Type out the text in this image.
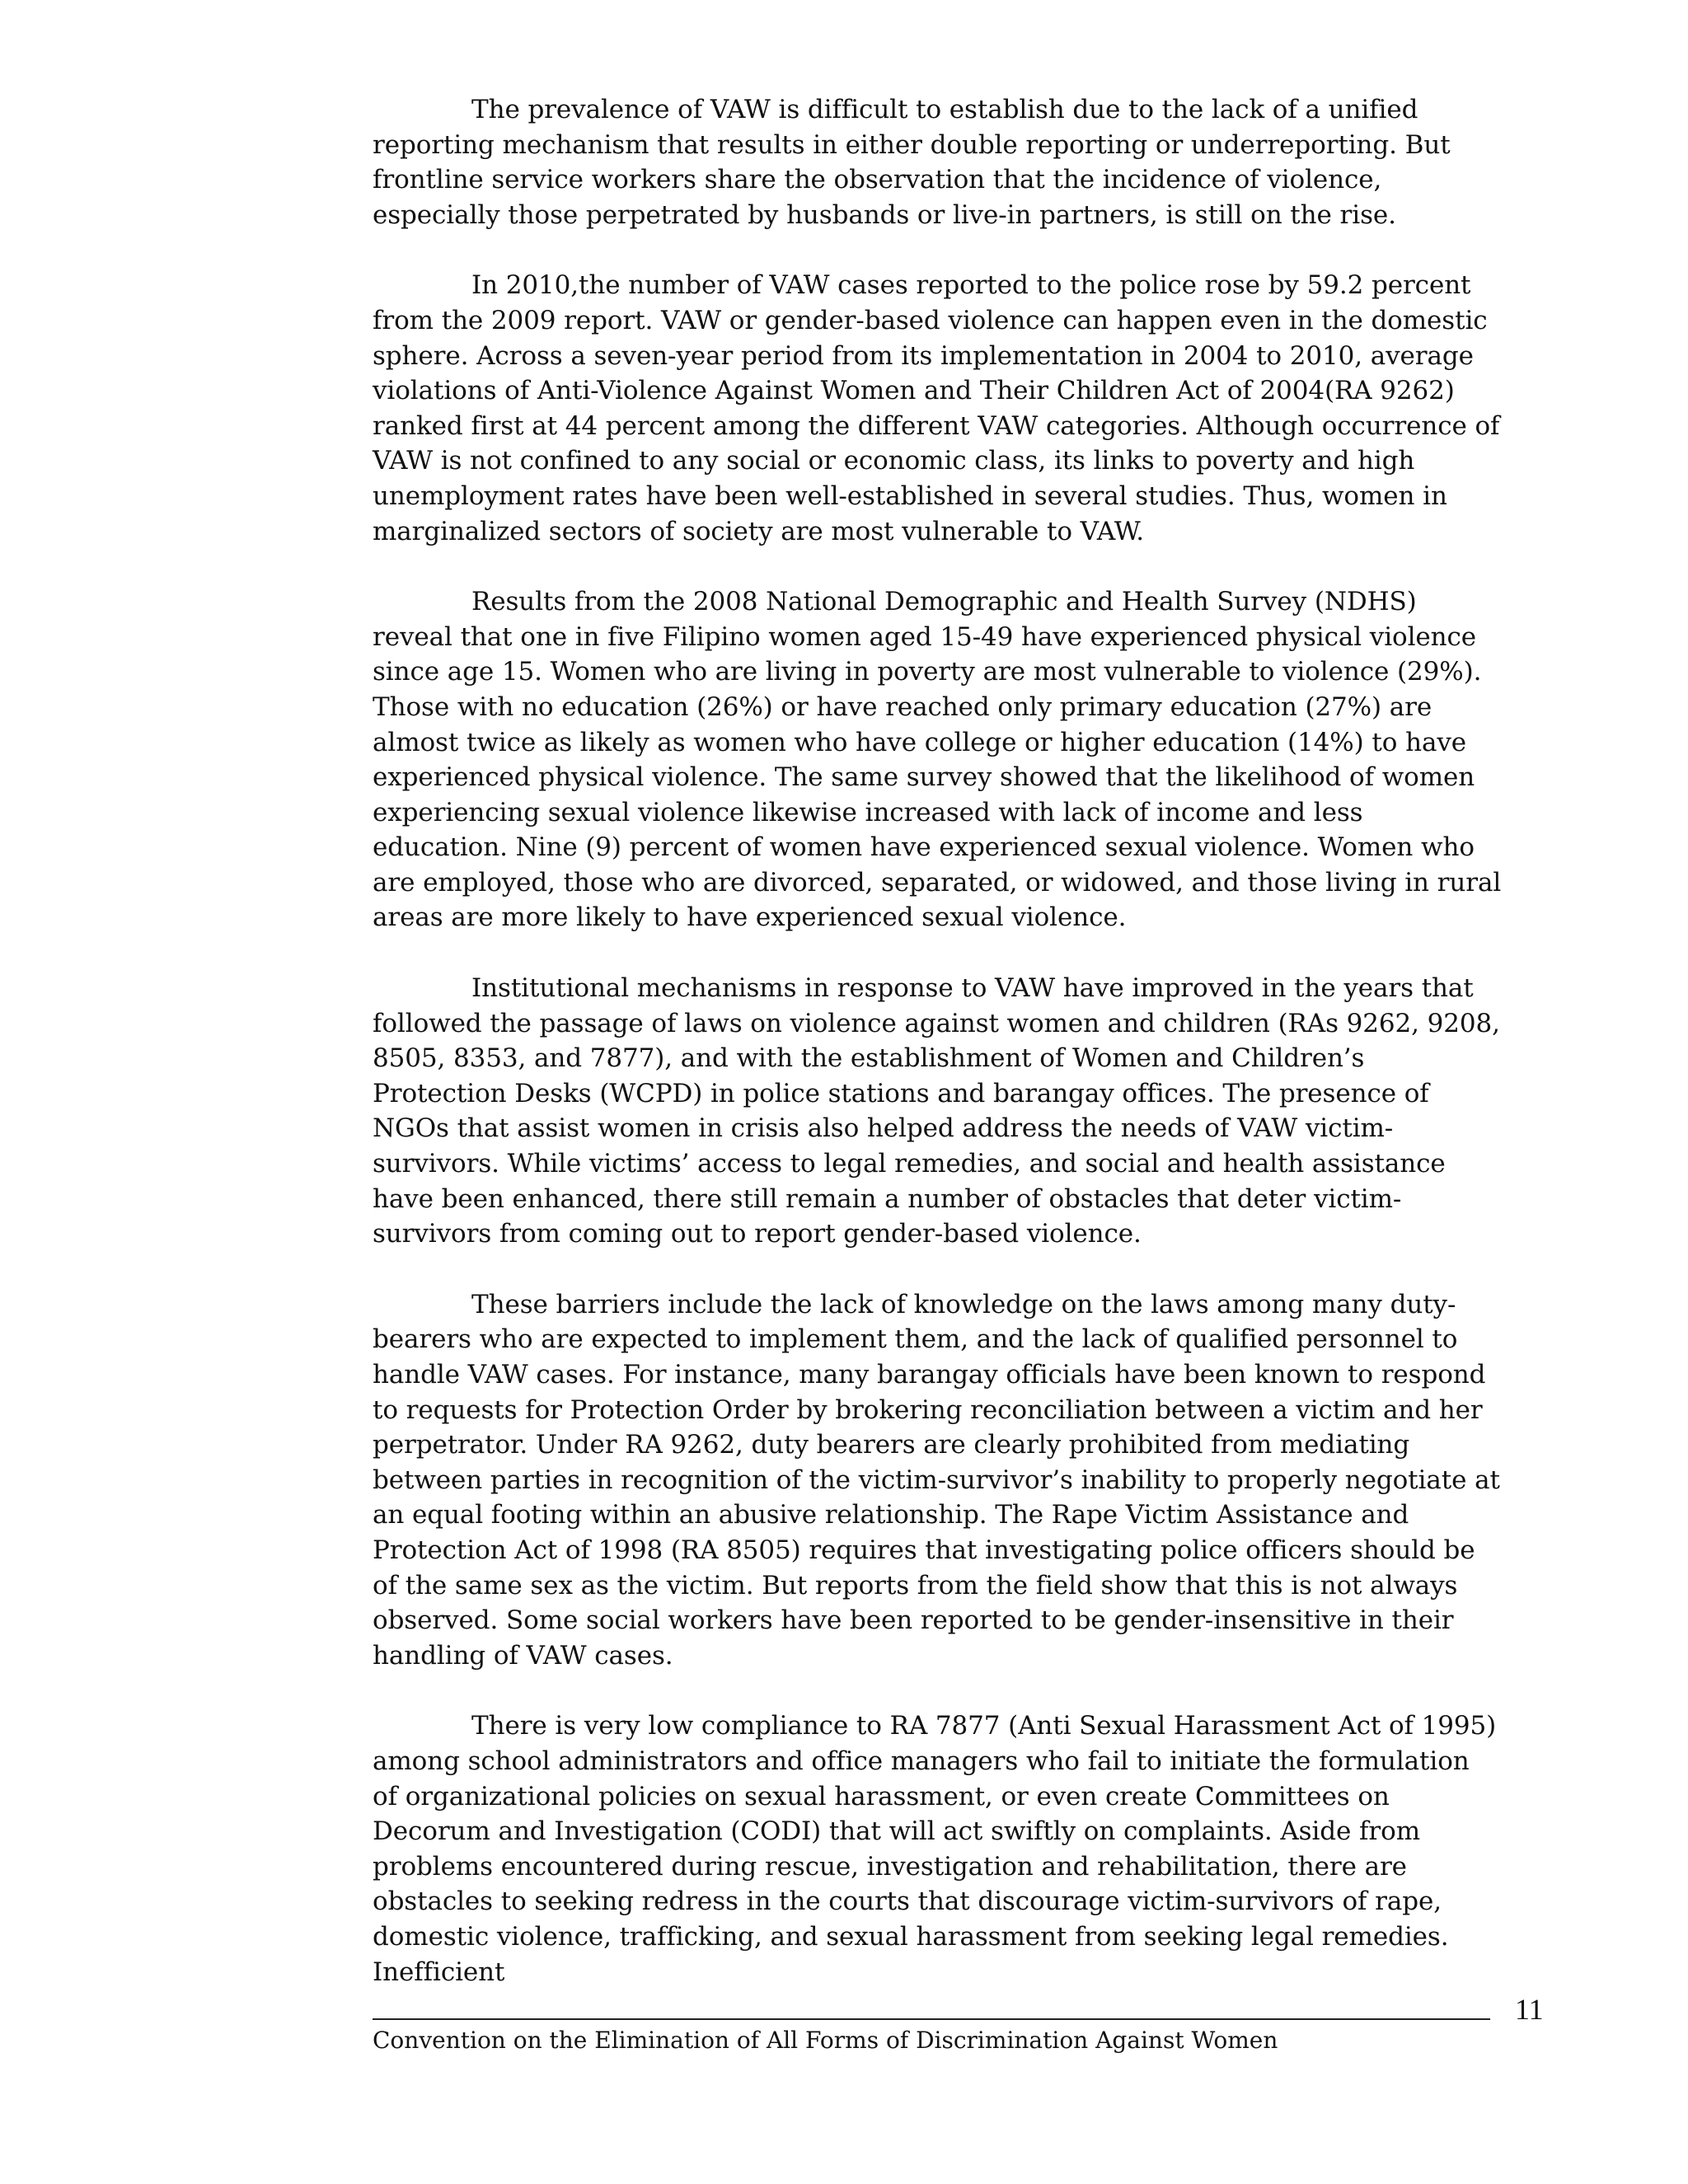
The prevalence of VAW is difficult to establish due to the lack of a unified reporting mechanism that results in either double reporting or underreporting. But frontline service workers share the observation that the incidence of violence, especially those perpetrated by husbands or live-in partners, is still on the rise.

In 2010,the number of VAW cases reported to the police rose by 59.2 percent from the 2009 report. VAW or gender-based violence can happen even in the domestic sphere. Across a seven-year period from its implementation in 2004 to 2010, average violations of Anti-Violence Against Women and Their Children Act of 2004(RA 9262) ranked first at 44 percent among the different VAW categories. Although occurrence of VAW is not confined to any social or economic class, its links to poverty and high unemployment rates have been well-established in several studies. Thus, women in marginalized sectors of society are most vulnerable to VAW.

Results from the 2008 National Demographic and Health Survey (NDHS) reveal that one in five Filipino women aged 15-49 have experienced physical violence since age 15. Women who are living in poverty are most vulnerable to violence (29%). Those with no education (26%) or have reached only primary education (27%) are almost twice as likely as women who have college or higher education (14%) to have experienced physical violence. The same survey showed that the likelihood of women experiencing sexual violence likewise increased with lack of income and less education. Nine (9) percent of women have experienced sexual violence. Women who are employed, those who are divorced, separated, or widowed, and those living in rural areas are more likely to have experienced sexual violence.

Institutional mechanisms in response to VAW have improved in the years that followed the passage of laws on violence against women and children (RAs 9262, 9208, 8505, 8353, and 7877), and with the establishment of Women and Children’s Protection Desks (WCPD) in police stations and barangay offices. The presence of NGOs that assist women in crisis also helped address the needs of VAW victim-survivors. While victims’ access to legal remedies, and social and health assistance have been enhanced, there still remain a number of obstacles that deter victim-survivors from coming out to report gender-based violence.

These barriers include the lack of knowledge on the laws among many duty-bearers who are expected to implement them, and the lack of qualified personnel to handle VAW cases. For instance, many barangay officials have been known to respond to requests for Protection Order by brokering reconciliation between a victim and her perpetrator. Under RA 9262, duty bearers are clearly prohibited from mediating between parties in recognition of the victim-survivor’s inability to properly negotiate at an equal footing within an abusive relationship. The Rape Victim Assistance and Protection Act of 1998 (RA 8505) requires that investigating police officers should be of the same sex as the victim. But reports from the field show that this is not always observed. Some social workers have been reported to be gender-insensitive in their handling of VAW cases.

There is very low compliance to RA 7877 (Anti Sexual Harassment Act of 1995) among school administrators and office managers who fail to initiate the formulation of organizational policies on sexual harassment, or even create Committees on Decorum and Investigation (CODI) that will act swiftly on complaints. Aside from problems encountered during rescue, investigation and rehabilitation, there are obstacles to seeking redress in the courts that discourage victim-survivors of rape, domestic violence, trafficking, and sexual harassment from seeking legal remedies. Inefficient

11
Convention on the Elimination of All Forms of Discrimination Against Women
